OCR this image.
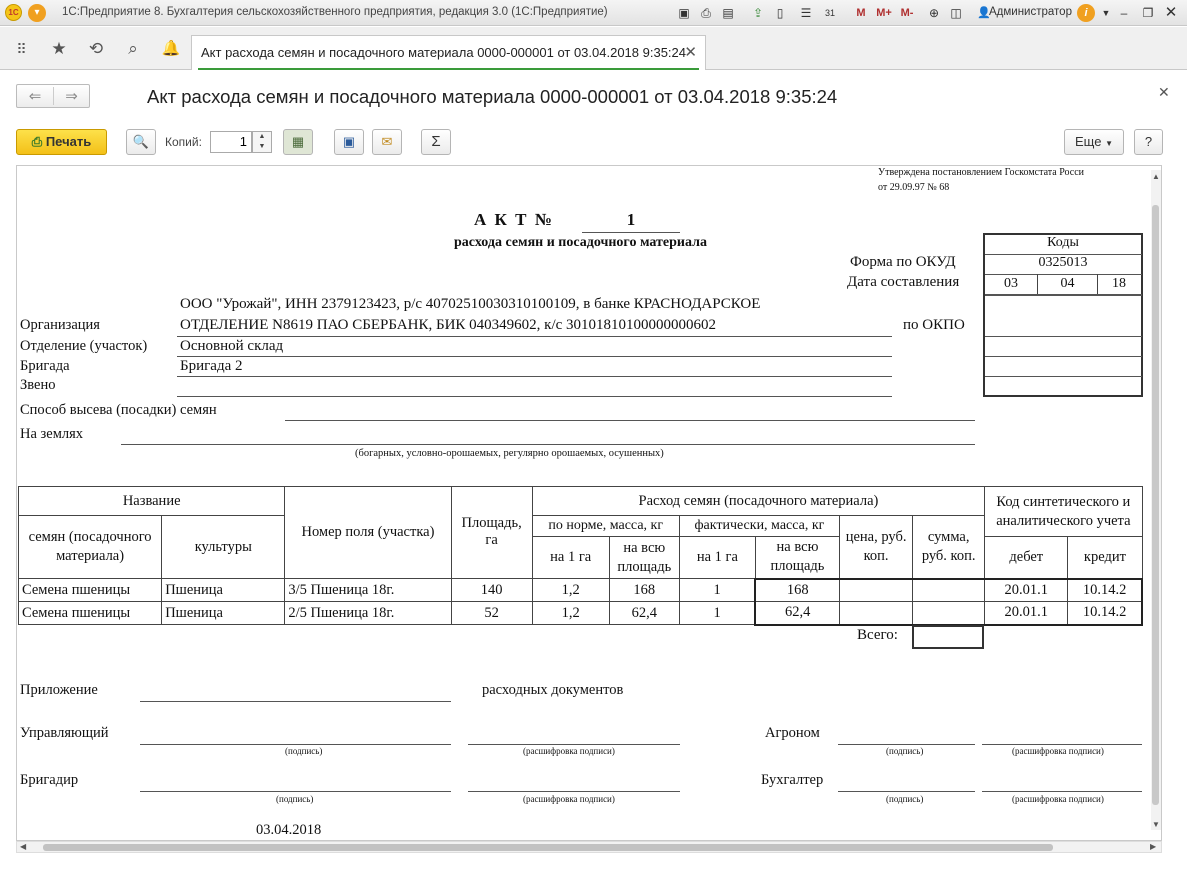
1С	▾	1С:Предприятие 8. Бухгалтерия сельскохозяйственного предприятия, редакция 3.0 (1С:Предприятие)	▣ ⎙ ▤	⇪	▯	☰	31	M M+ M-	⊕ ◫	👤
Администратор	i	▼ –	❐ ✕
⠿	★ ⟲	⌕	🔔 Акт расхода семян и посадочного материала 0000-000001 от 03.04.2018 9:35:24
✕
⇐	⇒	Акт расхода семян и посадочного материала 0000-000001 от 03.04.2018 9:35:24	✕
⎙ Печать	🔍	Копий:	1	▲
▼	▦	▣	✉	Σ	Еще ▼	?
Утверждена постановлением Госкомстата Росси
от 29.09.97 № 68
А К Т №	1
расхода семян и посадочного материала	Коды
0325013
03	04	18
Форма по ОКУД
Дата составления
ООО "Урожай", ИНН 2379123423, р/с 40702510030310100109, в банке КРАСНОДАРСКОЕ
Организация	ОТДЕЛЕНИЕ N8619 ПАО СБЕРБАНК, БИК 040349602, к/с 30101810100000000602	по ОКПО
Отделение (участок) Основной склад
Бригада	Бригада 2
Звено
Способ высева (посадки) семян
На землях
(богарных, условно-орошаемых, регулярно орошаемых, осушенных)
Название		Номер поля (участка)	Площадь, га	Расход семян (посадочного материала)						Код синтетического и аналитического учета	
семян (посадочного материала)	культуры			по норме, масса, кг		фактически, масса, кг		цена, руб. коп.	сумма, руб. коп.		
				на 1 га	на всю площадь	на 1 га	на всю площадь			дебет	кредит
Семена пшеницы	Пшеница	3/5 Пшеница 18г.	140	1,2	168	1	168			20.01.1	10.14.2
Семена пшеницы	Пшеница	2/5 Пшеница 18г.	52	1,2	62,4	1	62,4			20.01.1	10.14.2
Всего:
Приложение	расходных документов
Управляющий
(подпись)	(расшифровка подписи)
Агроном
(подпись)	(расшифровка подписи)
Бригадир
(подпись)	(расшифровка подписи)
Бухгалтер
(подпись)	(расшифровка подписи)
03.04.2018
▲
▼
◀	▶
